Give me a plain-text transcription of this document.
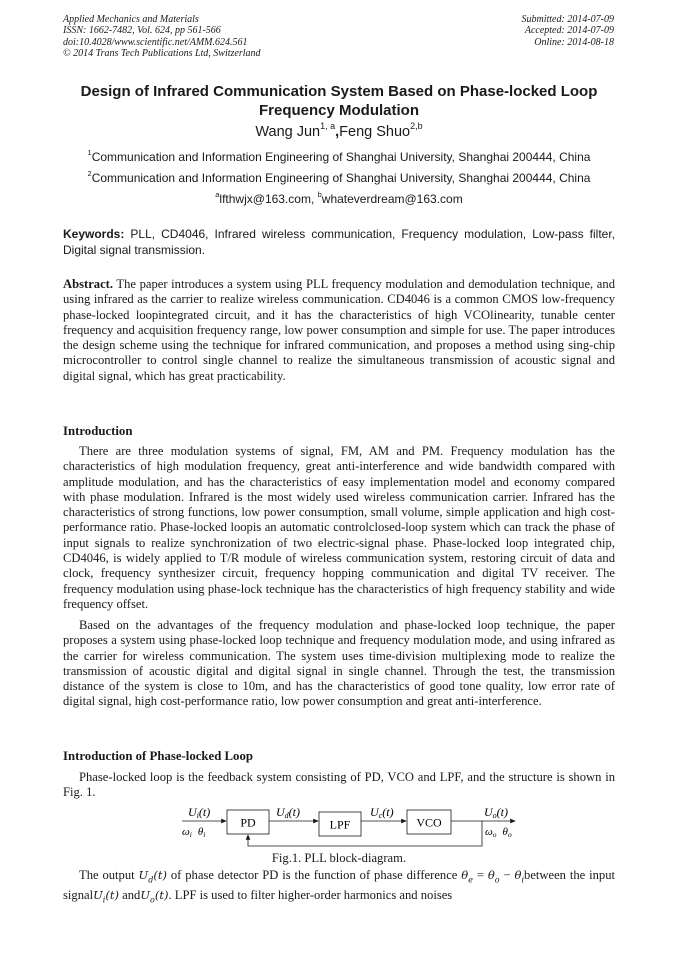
Applied Mechanics and Materials
ISSN: 1662-7482, Vol. 624, pp 561-566
doi:10.4028/www.scientific.net/AMM.624.561
© 2014 Trans Tech Publications Ltd, Switzerland
Submitted: 2014-07-09
Accepted: 2014-07-09
Online: 2014-08-18
Design of Infrared Communication System Based on Phase-locked Loop
Frequency Modulation
Wang Jun$^{1, a}$,Feng Shuo$^{2,b}$
$^1$Communication and Information Engineering of Shanghai University, Shanghai 200444, China
$^2$Communication and Information Engineering of Shanghai University, Shanghai 200444, China
$^a$lfthwjx@163.com, $^b$whateverdream@163.com
Keywords: PLL, CD4046, Infrared wireless communication, Frequency modulation, Low-pass filter, Digital signal transmission.
Abstract. The paper introduces a system using PLL frequency modulation and demodulation technique, and using infrared as the carrier to realize wireless communication. CD4046 is a common CMOS low-frequency phase-locked loopintegrated circuit, and it has the characteristics of high VCOlinearity, tunable center frequency and acquisition frequency range, low power consumption and simple for use. The paper introduces the design scheme using the technique for infrared communication, and proposes a method using sing-chip microcontroller to control single channel to realize the simultaneous transmission of acoustic signal and digital signal, which has great practicability.
Introduction
There are three modulation systems of signal, FM, AM and PM. Frequency modulation has the characteristics of high modulation frequency, great anti-interference and wide bandwidth compared with amplitude modulation, and has the characteristics of easy implementation model and economy compared with phase modulation. Infrared is the most widely used wireless communication carrier. Infrared has the characteristics of strong functions, low power consumption, small volume, simple application and high cost-performance ratio. Phase-locked loopis an automatic controlclosed-loop system which can track the phase of input signals to realize synchronization of two electric-signal phase. Phase-locked loop integrated chip, CD4046, is widely applied to T/R module of wireless communication system, restoring circuit of data and clock, frequency synthesizer circuit, frequency hopping communication and digital TV receiver. The frequency modulation using phase-lock technique has the characteristics of high frequency stability and wide frequency offset.
Based on the advantages of the frequency modulation and phase-locked loop technique, the paper proposes a system using phase-locked loop technique and frequency modulation mode, and using infrared as the carrier for wireless communication. The system uses time-division multiplexing mode to realize the transmission of acoustic digital and digital signal in single channel. Through the test, the transmission distance of the system is close to 10m, and has the characteristics of good tone quality, low error rate of digital signal, high cost-performance ratio, low power consumption and great anti-interference.
Introduction of Phase-locked Loop
Phase-locked loop is the feedback system consisting of PD, VCO and LPF, and the structure is shown in Fig. 1.
PD	LPF	VCO
Ui(t)
ωi θi
Ud(t)	Uc(t)	Uo(t)
ωo θo
Fig.1. PLL block-diagram.
The output $U_d(t)$ of phase detector PD is the function of phase difference $\theta_e = \theta_o$ − $\theta_ibetween$ the input signalU$_i$(t) andU$_o$(t). LPF is used to filter higher-order harmonics and noises
